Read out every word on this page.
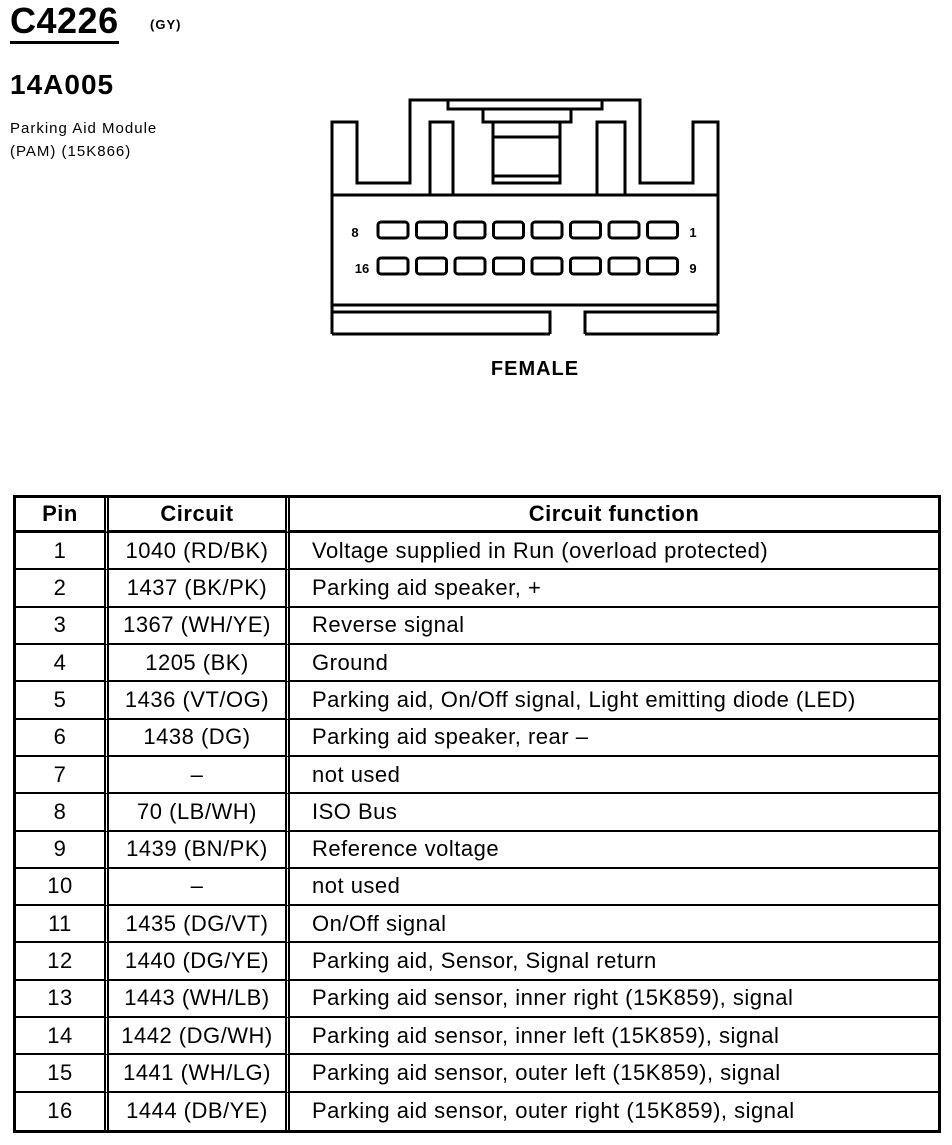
C4226 (GY)
14A005
Parking Aid Module
(PAM) (15K866)
8	1
16	9
FEMALE
Pin	Circuit	Circuit function
1	1040 (RD/BK)	Voltage supplied in Run (overload protected)
2	1437 (BK/PK)	Parking aid speaker, +
3	1367 (WH/YE)	Reverse signal
4	1205 (BK)	Ground
5	1436 (VT/OG)	Parking aid, On/Off signal, Light emitting diode (LED)
6	1438 (DG)	Parking aid speaker, rear –
7	–	not used
8	70 (LB/WH)	ISO Bus
9	1439 (BN/PK)	Reference voltage
10	–	not used
11	1435 (DG/VT)	On/Off signal
12	1440 (DG/YE)	Parking aid, Sensor, Signal return
13	1443 (WH/LB)	Parking aid sensor, inner right (15K859), signal
14	1442 (DG/WH)	Parking aid sensor, inner left (15K859), signal
15	1441 (WH/LG)	Parking aid sensor, outer left (15K859), signal
16	1444 (DB/YE)	Parking aid sensor, outer right (15K859), signal
